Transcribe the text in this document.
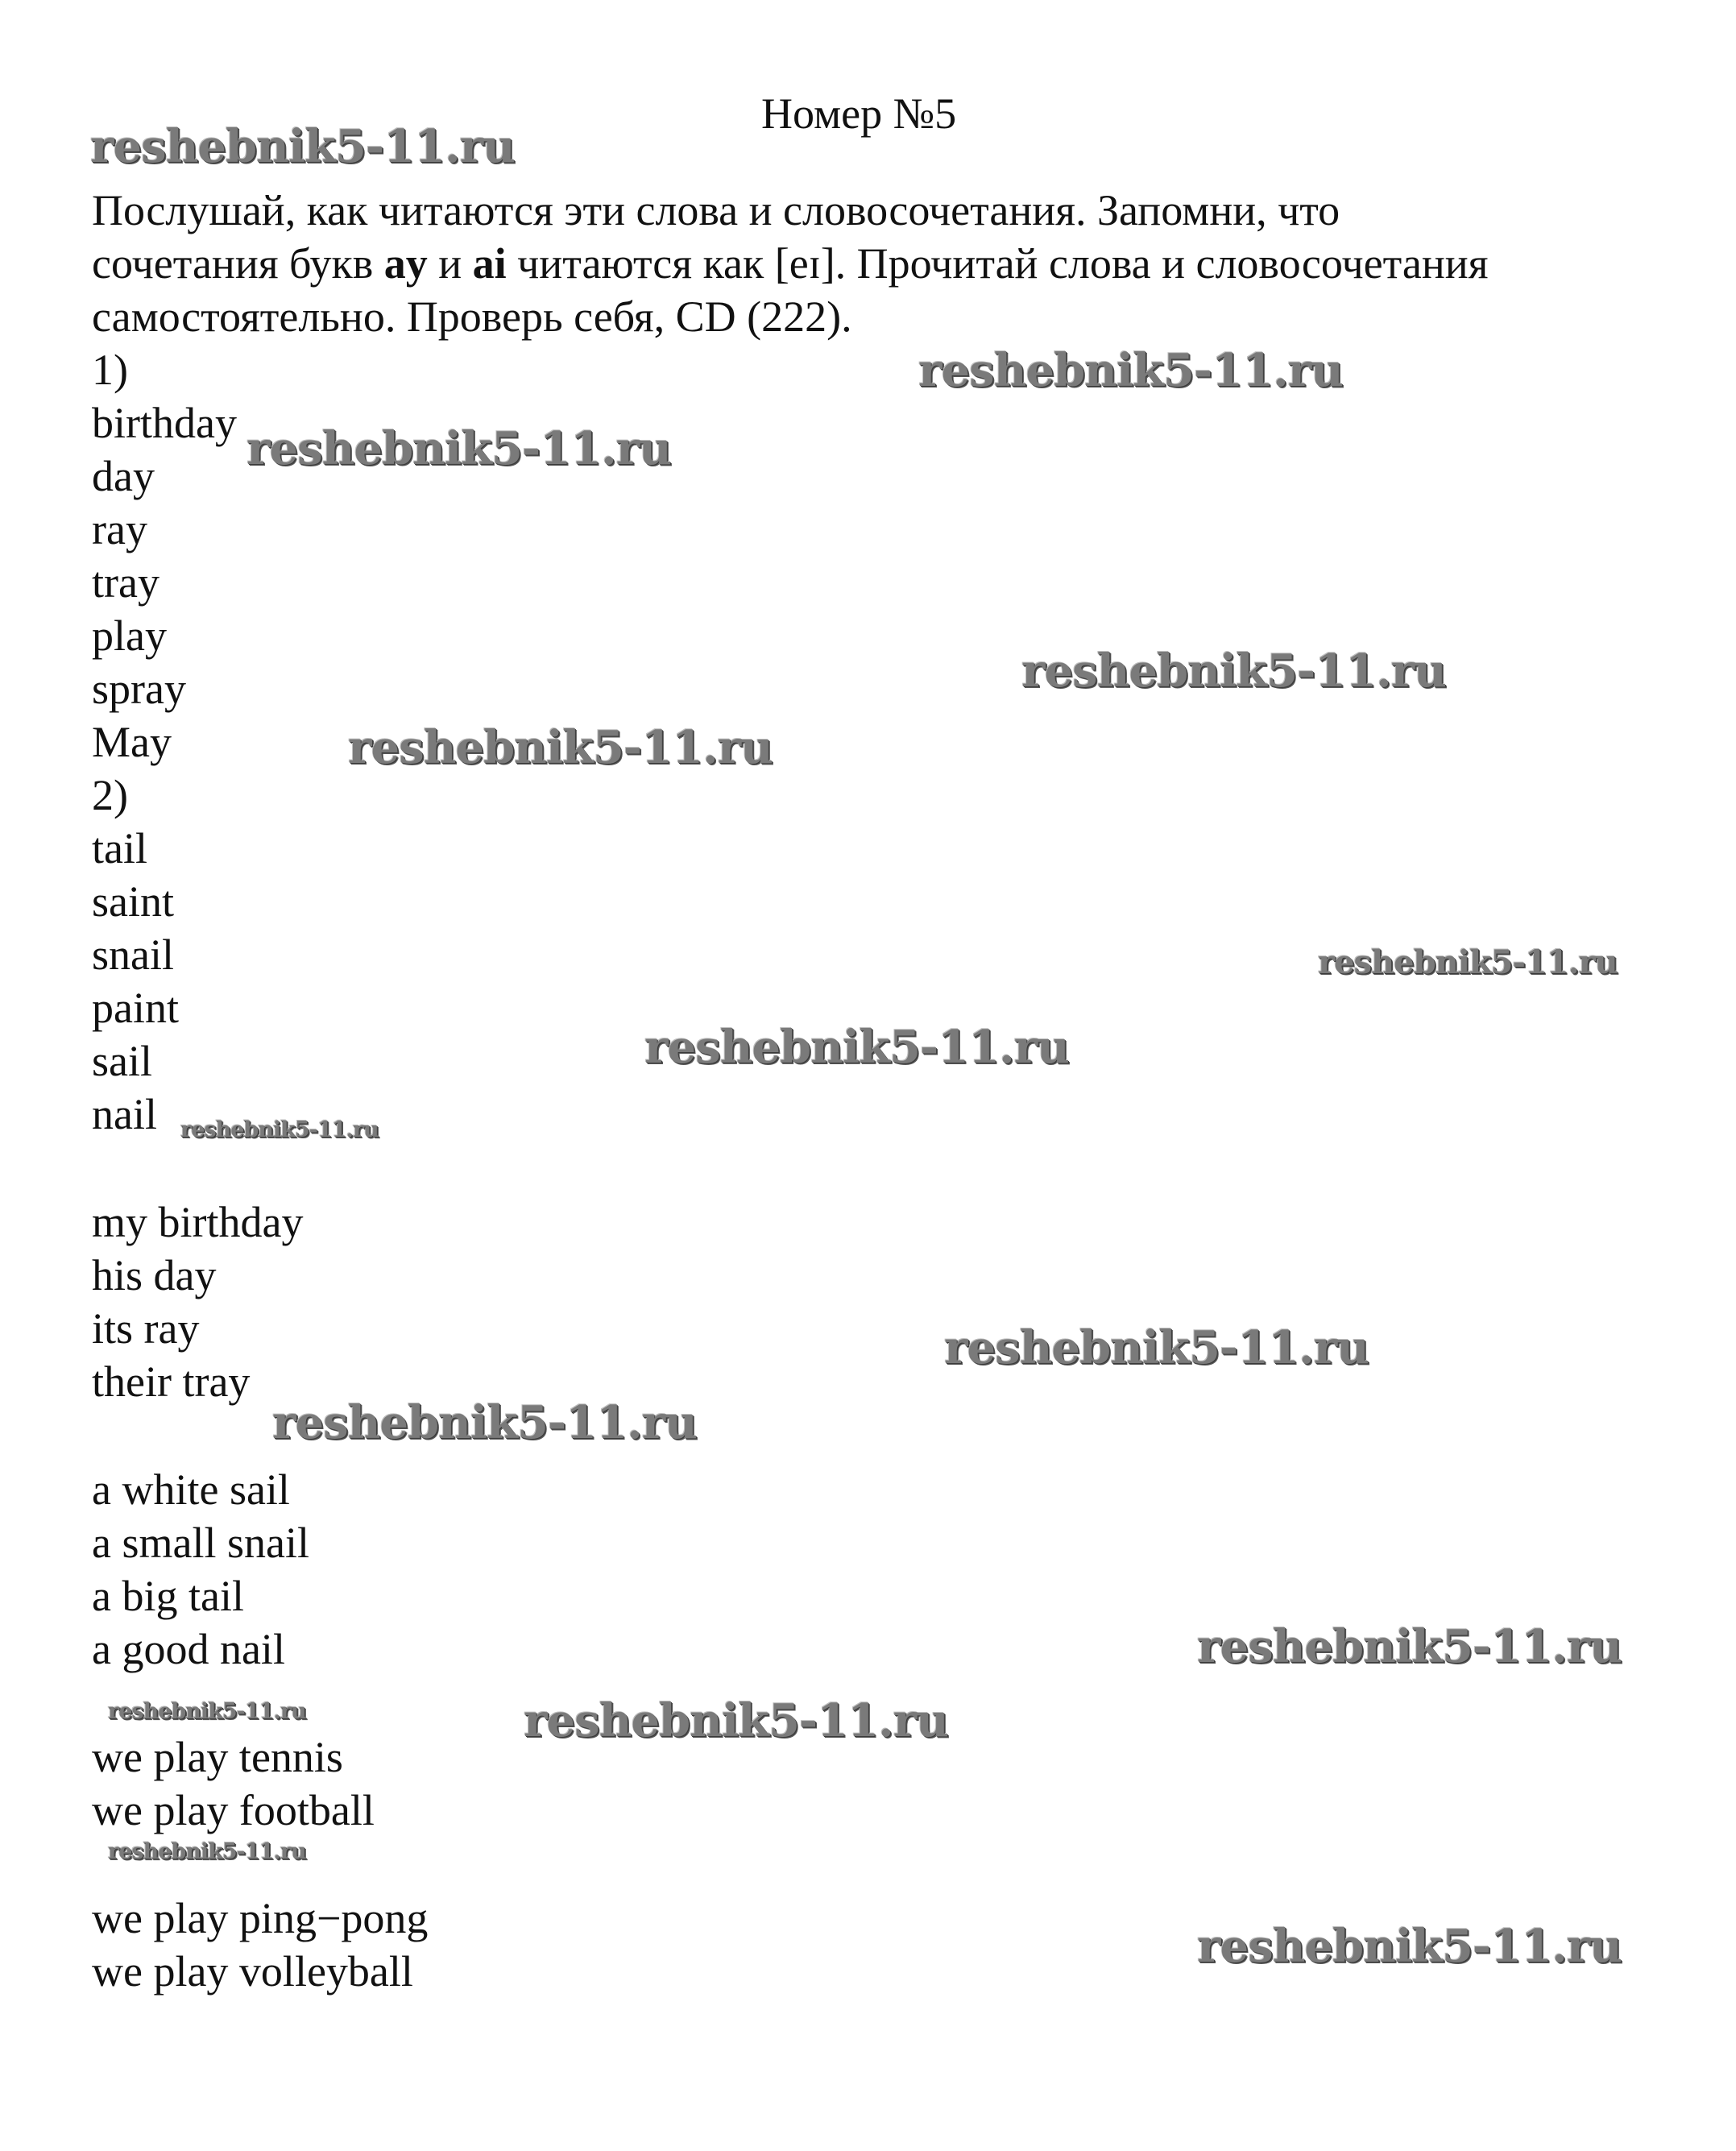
Номер №5
Послушай, как читаются эти слова и словосочетания. Запомни, что
сочетания букв ay и ai читаются как [eɪ]. Прочитай слова и словосочетания
самостоятельно. Проверь себя, CD (222).
1)
birthday
day
ray
tray
play
spray
May
2)
tail
saint
snail
paint
sail
nail
my birthday
his day
its ray
their tray
a white sail
a small snail
a big tail
a good nail
we play tennis
we play football
we play ping−pong
we play volleyball
reshebnik5-11.ru
reshebnik5-11.ru
reshebnik5-11.ru
reshebnik5-11.ru
reshebnik5-11.ru
reshebnik5-11.ru
reshebnik5-11.ru
reshebnik5-11.ru
reshebnik5-11.ru
reshebnik5-11.ru
reshebnik5-11.ru
reshebnik5-11.ru	reshebnik5-11.ru
reshebnik5-11.ru
reshebnik5-11.ru
